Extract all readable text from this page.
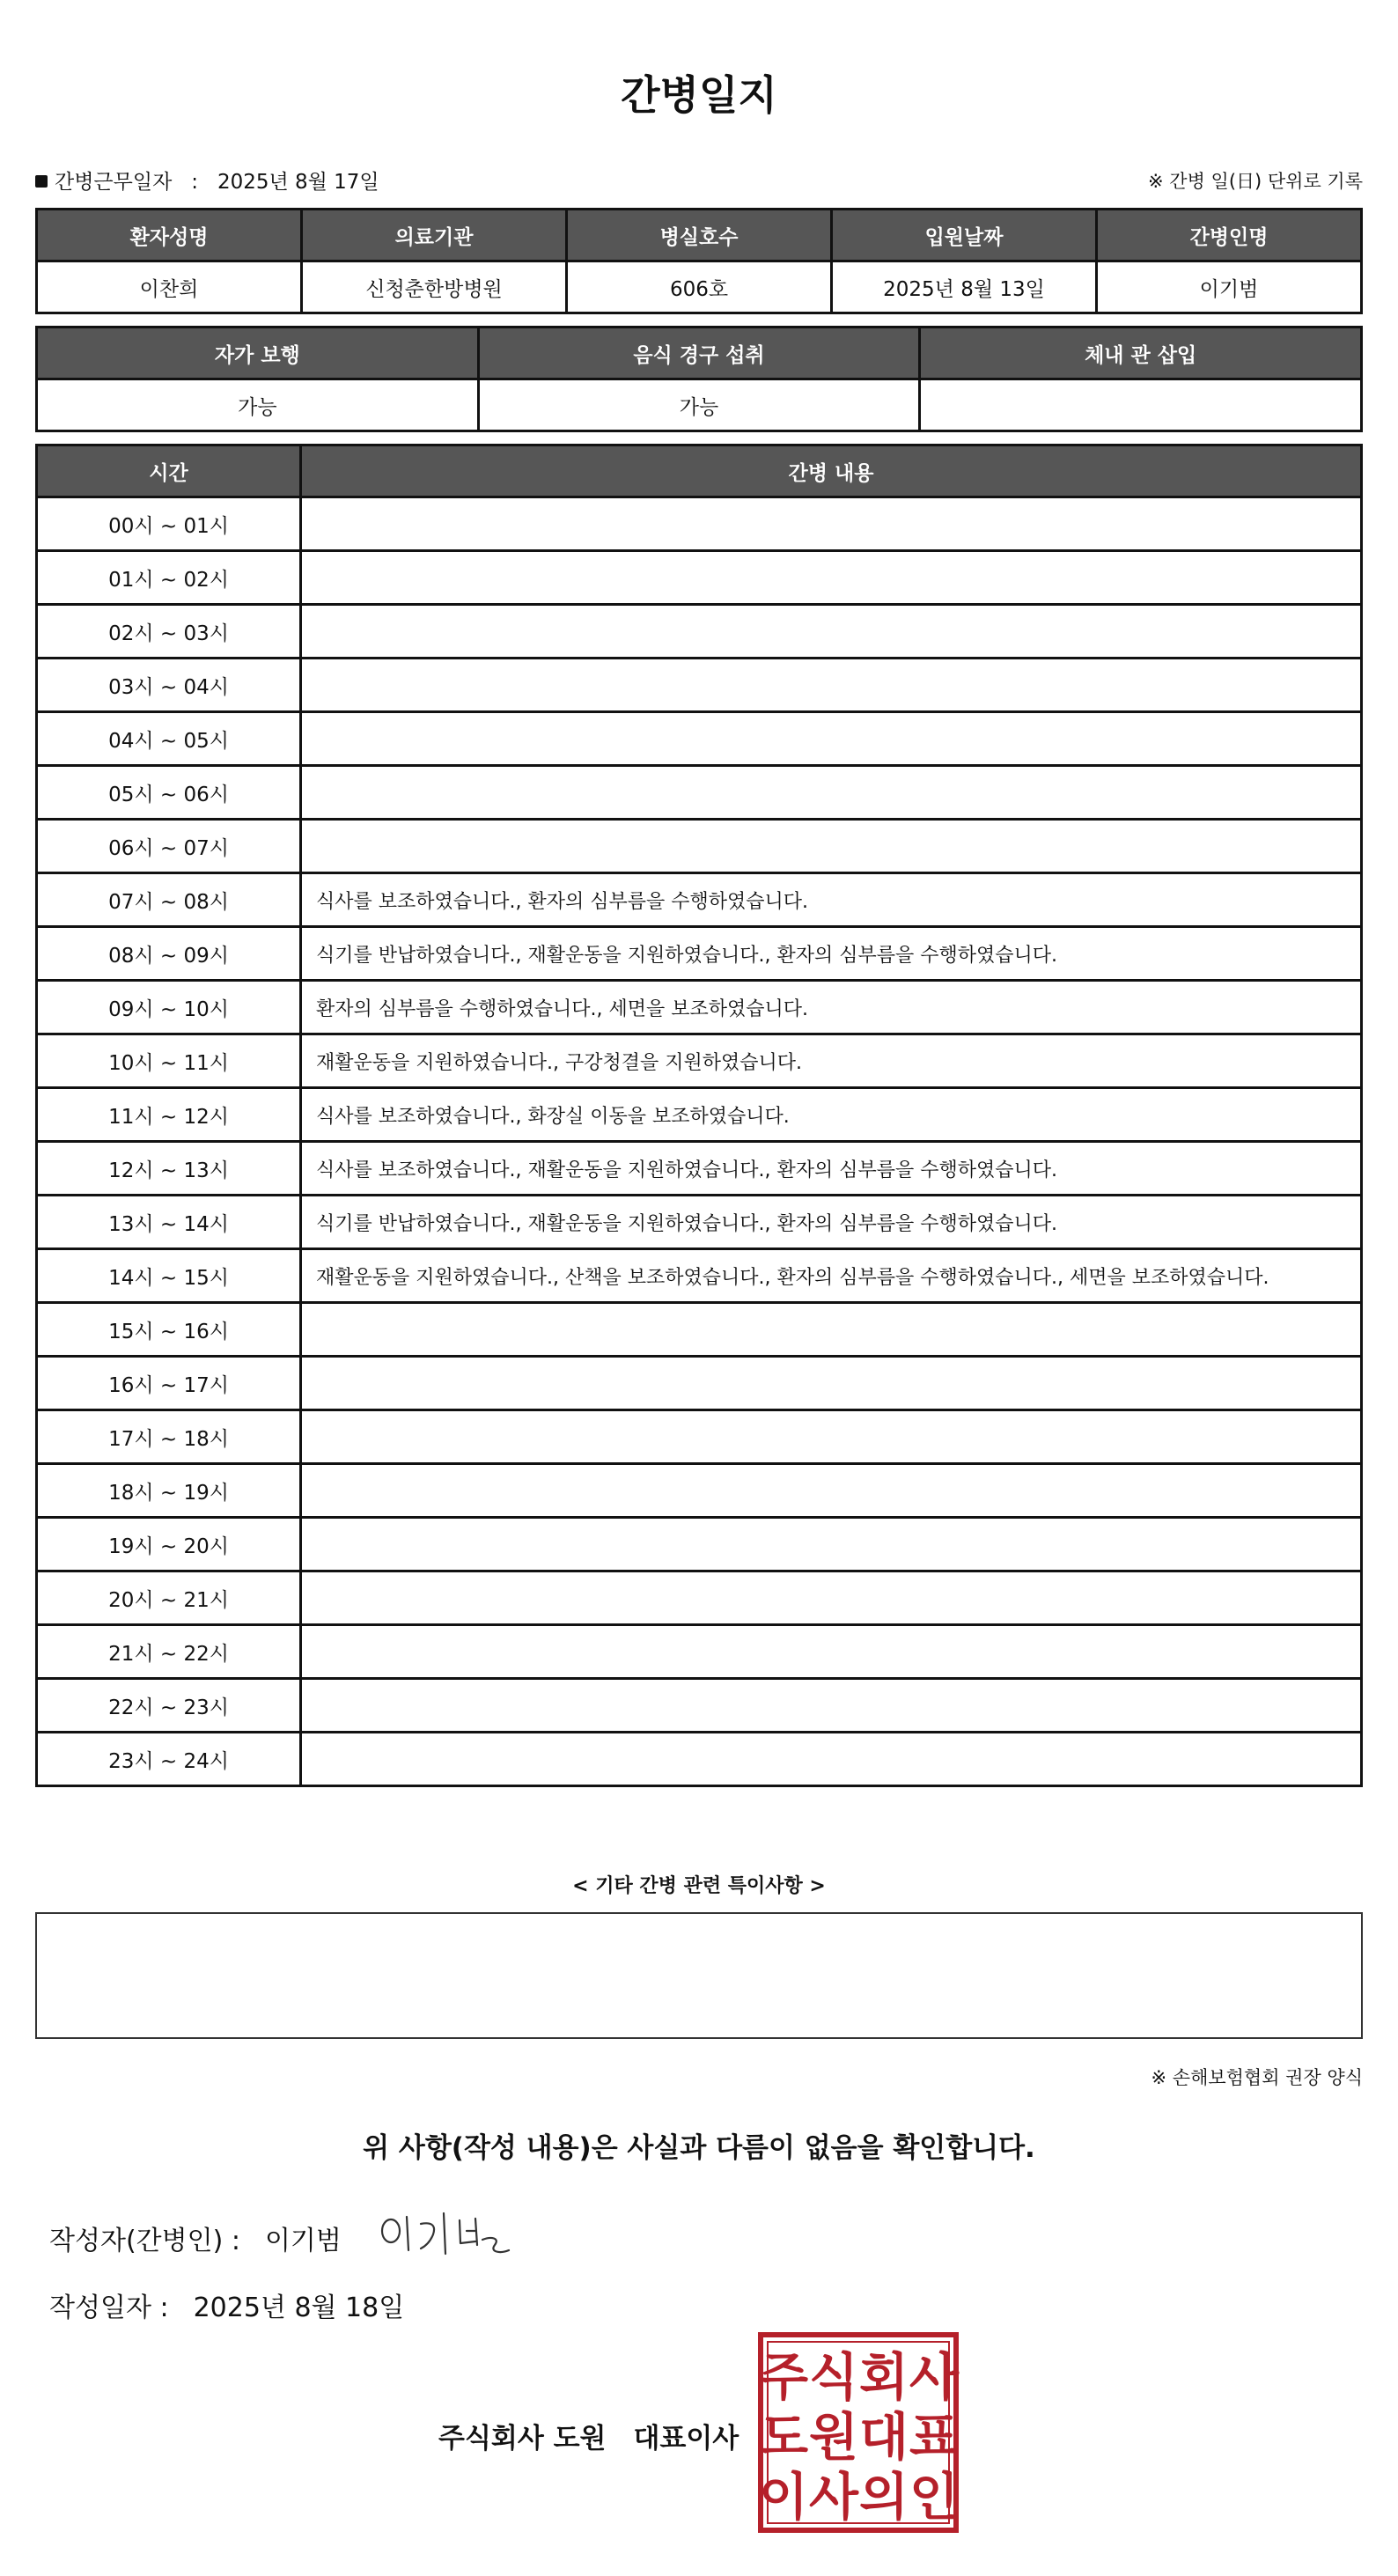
간병일지
간병근무일자 : 2025년 8월 17일	※ 간병 일(日) 단위로 기록
환자성명	의료기관	병실호수	입원날짜	간병인명
이찬희	신청춘한방병원	606호	2025년 8월 13일	이기범
자가 보행	음식 경구 섭취	체내 관 삽입
가능	가능	
시간	간병 내용
00시 ~ 01시	
01시 ~ 02시	
02시 ~ 03시	
03시 ~ 04시	
04시 ~ 05시	
05시 ~ 06시	
06시 ~ 07시	
07시 ~ 08시	식사를 보조하였습니다., 환자의 심부름을 수행하였습니다.
08시 ~ 09시	식기를 반납하였습니다., 재활운동을 지원하였습니다., 환자의 심부름을 수행하였습니다.
09시 ~ 10시	환자의 심부름을 수행하였습니다., 세면을 보조하였습니다.
10시 ~ 11시	재활운동을 지원하였습니다., 구강청결을 지원하였습니다.
11시 ~ 12시	식사를 보조하였습니다., 화장실 이동을 보조하였습니다.
12시 ~ 13시	식사를 보조하였습니다., 재활운동을 지원하였습니다., 환자의 심부름을 수행하였습니다.
13시 ~ 14시	식기를 반납하였습니다., 재활운동을 지원하였습니다., 환자의 심부름을 수행하였습니다.
14시 ~ 15시	재활운동을 지원하였습니다., 산책을 보조하였습니다., 환자의 심부름을 수행하였습니다., 세면을 보조하였습니다.
15시 ~ 16시	
16시 ~ 17시	
17시 ~ 18시	
18시 ~ 19시	
19시 ~ 20시	
20시 ~ 21시	
21시 ~ 22시	
22시 ~ 23시	
23시 ~ 24시	
< 기타 간병 관련 특이사항 >
※ 손해보험협회 권장 양식
위 사항(작성 내용)은 사실과 다름이 없음을 확인합니다.
작성자(간병인) : 이기범
작성일자 : 2025년 8월 18일
주식회사 도원　대표이사
주 식 회 사
도 원 대 표
이 사 의 인
